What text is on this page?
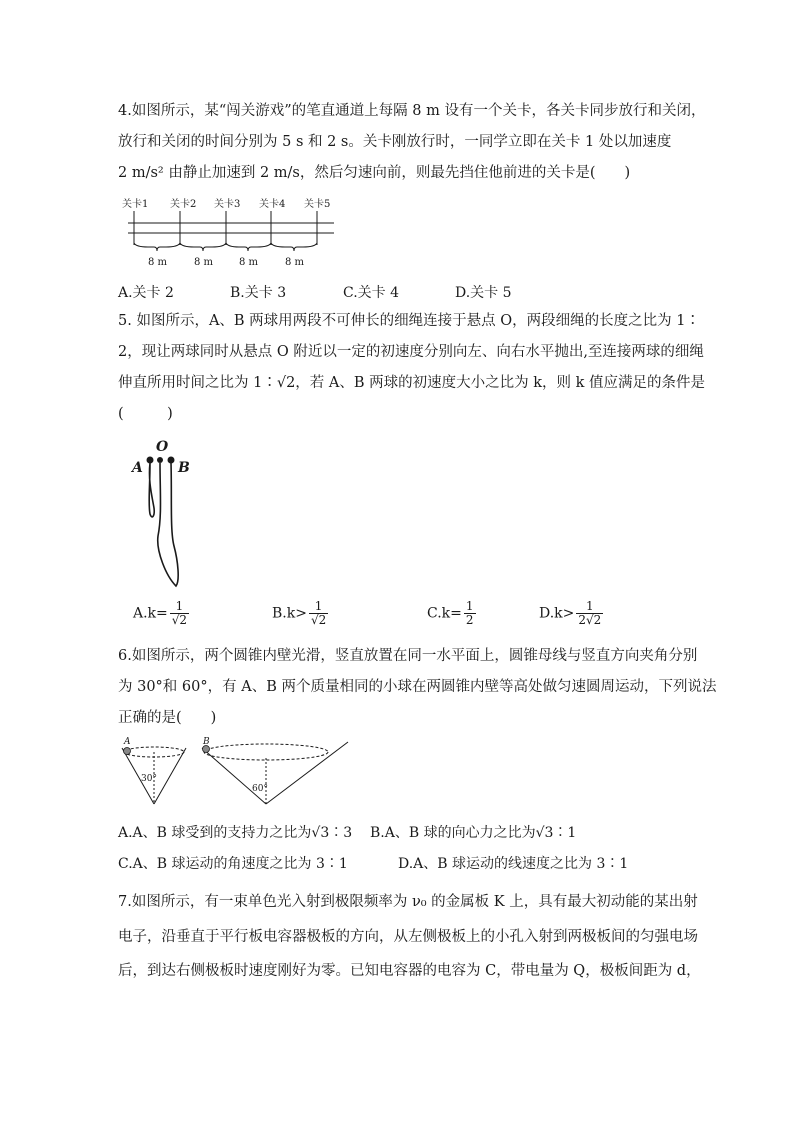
4.如图所示，某“闯关游戏”的笔直通道上每隔 8 m 设有一个关卡，各关卡同步放行和关闭，
放行和关闭的时间分别为 5 s 和 2 s。关卡刚放行时，一同学立即在关卡 1 处以加速度
2 m/s² 由静止加速到 2 m/s，然后匀速向前，则最先挡住他前进的关卡是(　　)
关卡1 关卡2 关卡3 关卡4 关卡5
8 m	8 m	8 m	8 m
A.关卡 2	B.关卡 3	C.关卡 4	D.关卡 5
5. 如图所示，A、B 两球用两段不可伸长的细绳连接于悬点 O，两段细绳的长度之比为 1∶
2，现让两球同时从悬点 O 附近以一定的初速度分别向左、向右水平抛出,至连接两球的细绳
伸直所用时间之比为 1∶√2，若 A、B 两球的初速度大小之比为 k，则 k 值应满足的条件是
(　　　)
O
A	B
$A.k= \frac{1}{√2}$	$B.k> \frac{1}{√2}$	$C.k= \frac{1}{2}$	$D.k> \frac{1}{2√2}$
6.如图所示，两个圆锥内壁光滑，竖直放置在同一水平面上，圆锥母线与竖直方向夹角分别
为 30°和 60°，有 A、B 两个质量相同的小球在两圆锥内壁等高处做匀速圆周运动，下列说法
正确的是(　　)
A	B
30°
60°
A.A、B 球受到的支持力之比为√3∶3 B.A、B 球的向心力之比为√3∶1
C.A、B 球运动的角速度之比为 3∶1	D.A、B 球运动的线速度之比为 3∶1
7.如图所示，有一束单色光入射到极限频率为 ν₀ 的金属板 K 上，具有最大初动能的某出射
电子，沿垂直于平行板电容器极板的方向，从左侧极板上的小孔入射到两极板间的匀强电场
后，到达右侧极板时速度刚好为零。已知电容器的电容为 C，带电量为 Q，极板间距为 d，
